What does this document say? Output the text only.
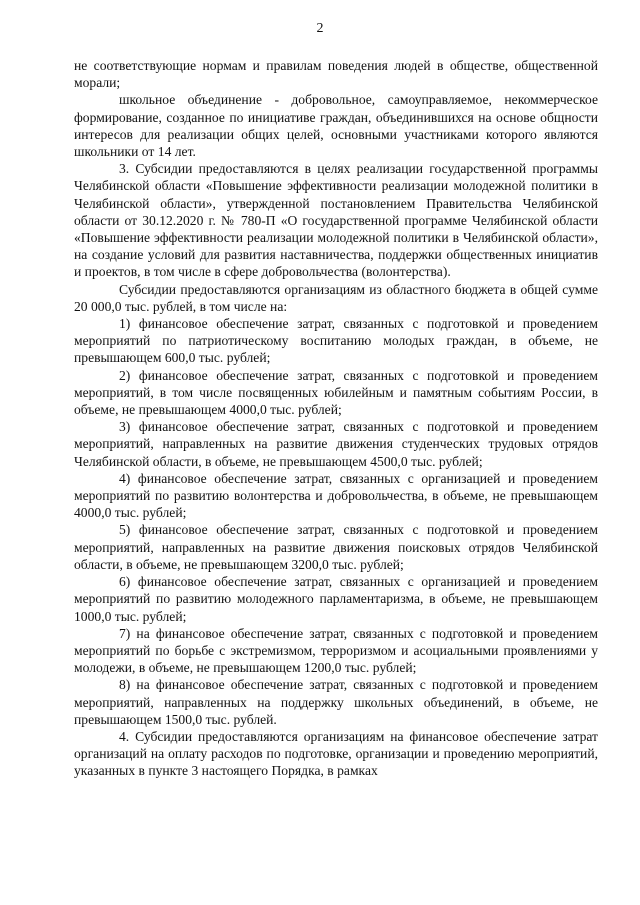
2

не соответствующие нормам и правилам поведения людей в обществе, общественной морали;

школьное объединение - добровольное, самоуправляемое, некоммерческое формирование, созданное по инициативе граждан, объединившихся на основе общности интересов для реализации общих целей, основными участниками которого являются школьники от 14 лет.

3. Субсидии предоставляются в целях реализации государственной программы Челябинской области «Повышение эффективности реализации молодежной политики в Челябинской области», утвержденной постановлением Правительства Челябинской области от 30.12.2020 г. № 780-П «О государственной программе Челябинской области «Повышение эффективности реализации молодежной политики в Челябинской области», на создание условий для развития наставничества, поддержки общественных инициатив и проектов, в том числе в сфере добровольчества (волонтерства).

Субсидии предоставляются организациям из областного бюджета в общей сумме 20 000,0 тыс. рублей, в том числе на:

1) финансовое обеспечение затрат, связанных с подготовкой и проведением мероприятий по патриотическому воспитанию молодых граждан, в объеме, не превышающем 600,0 тыс. рублей;

2) финансовое обеспечение затрат, связанных с подготовкой и проведением мероприятий, в том числе посвященных юбилейным и памятным событиям России, в объеме, не превышающем 4000,0 тыс. рублей;

3) финансовое обеспечение затрат, связанных с подготовкой и проведением мероприятий, направленных на развитие движения студенческих трудовых отрядов Челябинской области, в объеме, не превышающем 4500,0 тыс. рублей;

4) финансовое обеспечение затрат, связанных с организацией и проведением мероприятий по развитию волонтерства и добровольчества, в объеме, не превышающем 4000,0 тыс. рублей;

5) финансовое обеспечение затрат, связанных с подготовкой и проведением мероприятий, направленных на развитие движения поисковых отрядов Челябинской области, в объеме, не превышающем 3200,0 тыс. рублей;

6) финансовое обеспечение затрат, связанных с организацией и проведением мероприятий по развитию молодежного парламентаризма, в объеме, не превышающем 1000,0 тыс. рублей;

7) на финансовое обеспечение затрат, связанных с подготовкой и проведением мероприятий по борьбе с экстремизмом, терроризмом и асоциальными проявлениями у молодежи, в объеме, не превышающем 1200,0 тыс. рублей;

8) на финансовое обеспечение затрат, связанных с подготовкой и проведением мероприятий, направленных на поддержку школьных объединений, в объеме, не превышающем 1500,0 тыс. рублей.

4. Субсидии предоставляются организациям на финансовое обеспечение затрат организаций на оплату расходов по подготовке, организации и проведению мероприятий, указанных в пункте 3 настоящего Порядка, в рамках
